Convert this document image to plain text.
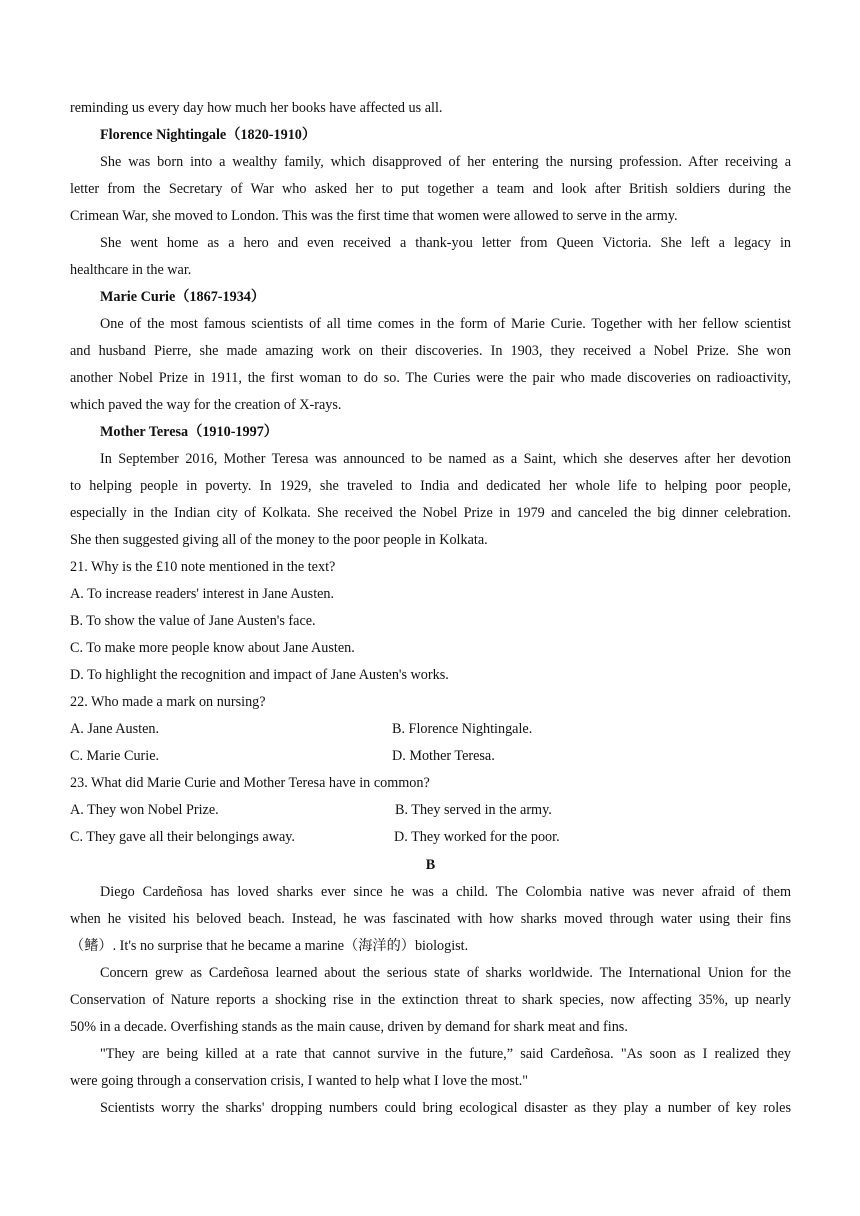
reminding us every day how much her books have affected us all.
Florence Nightingale（1820-1910）
She was born into a wealthy family, which disapproved of her entering the nursing profession. After receiving a
letter from the Secretary of War who asked her to put together a team and look after British soldiers during the
Crimean War, she moved to London. This was the first time that women were allowed to serve in the army.
She went home as a hero and even received a thank-you letter from Queen Victoria. She left a legacy in
healthcare in the war.
Marie Curie（1867-1934）
One of the most famous scientists of all time comes in the form of Marie Curie. Together with her fellow scientist
and husband Pierre, she made amazing work on their discoveries. In 1903, they received a Nobel Prize. She won
another Nobel Prize in 1911, the first woman to do so. The Curies were the pair who made discoveries on radioactivity,
which paved the way for the creation of X-rays.
Mother Teresa（1910-1997）
In September 2016, Mother Teresa was announced to be named as a Saint, which she deserves after her devotion
to helping people in poverty. In 1929, she traveled to India and dedicated her whole life to helping poor people,
especially in the Indian city of Kolkata. She received the Nobel Prize in 1979 and canceled the big dinner celebration.
She then suggested giving all of the money to the poor people in Kolkata.
21. Why is the £10 note mentioned in the text?
A. To increase readers' interest in Jane Austen.
B. To show the value of Jane Austen's face.
C. To make more people know about Jane Austen.
D. To highlight the recognition and impact of Jane Austen's works.
22. Who made a mark on nursing?
A. Jane Austen.	B. Florence Nightingale.
C. Marie Curie.	D. Mother Teresa.
23. What did Marie Curie and Mother Teresa have in common?
A. They won Nobel Prize.	B. They served in the army.
C. They gave all their belongings away.	D. They worked for the poor.
B
Diego Cardeñosa has loved sharks ever since he was a child. The Colombia native was never afraid of them
when he visited his beloved beach. Instead, he was fascinated with how sharks moved through water using their fins
（鳍）. It's no surprise that he became a marine（海洋的）biologist.
Concern grew as Cardeñosa learned about the serious state of sharks worldwide. The International Union for the
Conservation of Nature reports a shocking rise in the extinction threat to shark species, now affecting 35%, up nearly
50% in a decade. Overfishing stands as the main cause, driven by demand for shark meat and fins.
"They are being killed at a rate that cannot survive in the future,” said Cardeñosa. "As soon as I realized they
were going through a conservation crisis, I wanted to help what I love the most."
Scientists worry the sharks' dropping numbers could bring ecological disaster as they play a number of key roles
